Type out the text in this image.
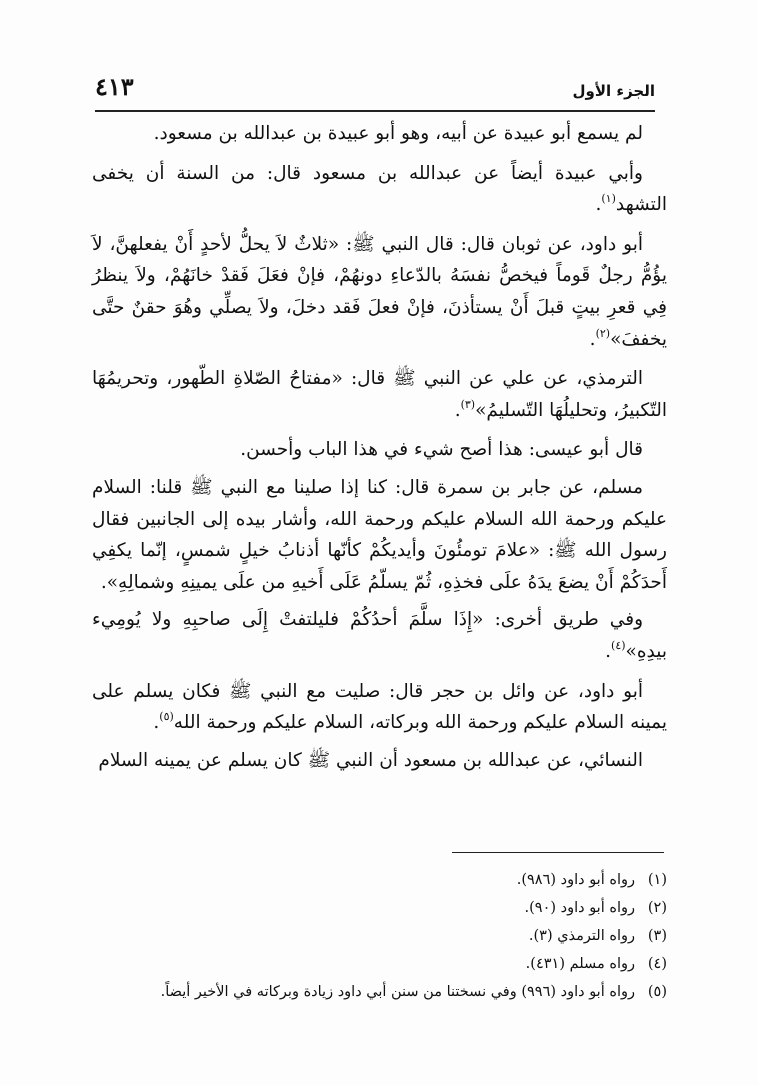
الجزء الأول
٤١٣

لم يسمع أبو عبيدة عن أبيه، وهو أبو عبيدة بن عبدالله بن مسعود.

وأبي عبيدة أيضاً عن عبدالله بن مسعود قال: من السنة أن يخفى التشهد$^{(١)}$.

أبو داود، عن ثوبان قال: قال النبي ﷺ: «ثلاثٌ لاَ يحلُّ لأحدٍ أَنْ يفعلهنَّ، لاَ يؤُمُّ رجلٌ قَوماً فيخصُّ نفسَهُ بالدّعاءِ دونهُمْ، فإنْ فعَلَ فَقدْ خانَهُمْ، ولاَ ينظرُ فِي قعرِ بيتٍ قبلَ أَنْ يستأذنَ، فإنْ فعلَ فَقد دخلَ، ولاَ يصلِّي وهُوَ حقنٌ حتَّى يخففَ»$^{(٢)}$.

الترمذي، عن علي عن النبي ﷺ قال: «مفتاحُ الصّلاةِ الطّهور، وتحريمُهَا التّكبيرُ، وتحليلُهَا التّسليمُ»$^{(٣)}$.

قال أبو عيسى: هذا أصح شيء في هذا الباب وأحسن.

مسلم، عن جابر بن سمرة قال: كنا إذا صلينا مع النبي ﷺ قلنا: السلام عليكم ورحمة الله السلام عليكم ورحمة الله، وأشار بيده إلى الجانبين فقال رسول الله ﷺ: «علامَ تومئُونَ وأيديكُمْ كأنّها أذنابُ خيلٍ شمسٍ، إنّما يكفِي أَحدَكُمْ أَنْ يضعَ يدَهُ علَى فخذِهِ، ثُمّ يسلّمُ عَلَى أَخيهِ من علَى يمينِهِ وشمالِهِ».

وفي طريق أخرى: «إِذَا سلَّمَ أحدُكُمْ فليلتفتْ إِلَى صاحبِهِ ولا يُومِيء بيدِهِ»$^{(٤)}$.

أبو داود، عن وائل بن حجر قال: صليت مع النبي ﷺ فكان يسلم على يمينه السلام عليكم ورحمة الله وبركاته، السلام عليكم ورحمة الله$^{(٥)}$.

النسائي، عن عبدالله بن مسعود أن النبي ﷺ كان يسلم عن يمينه السلام

(١)رواه أبو داود (٩٨٦).
(٢)رواه أبو داود (٩٠).
(٣)رواه الترمذي (٣).
(٤)رواه مسلم (٤٣١).
(٥)رواه أبو داود (٩٩٦) وفي نسختنا من سنن أبي داود زيادة وبركاته في الأخير أيضاً.
